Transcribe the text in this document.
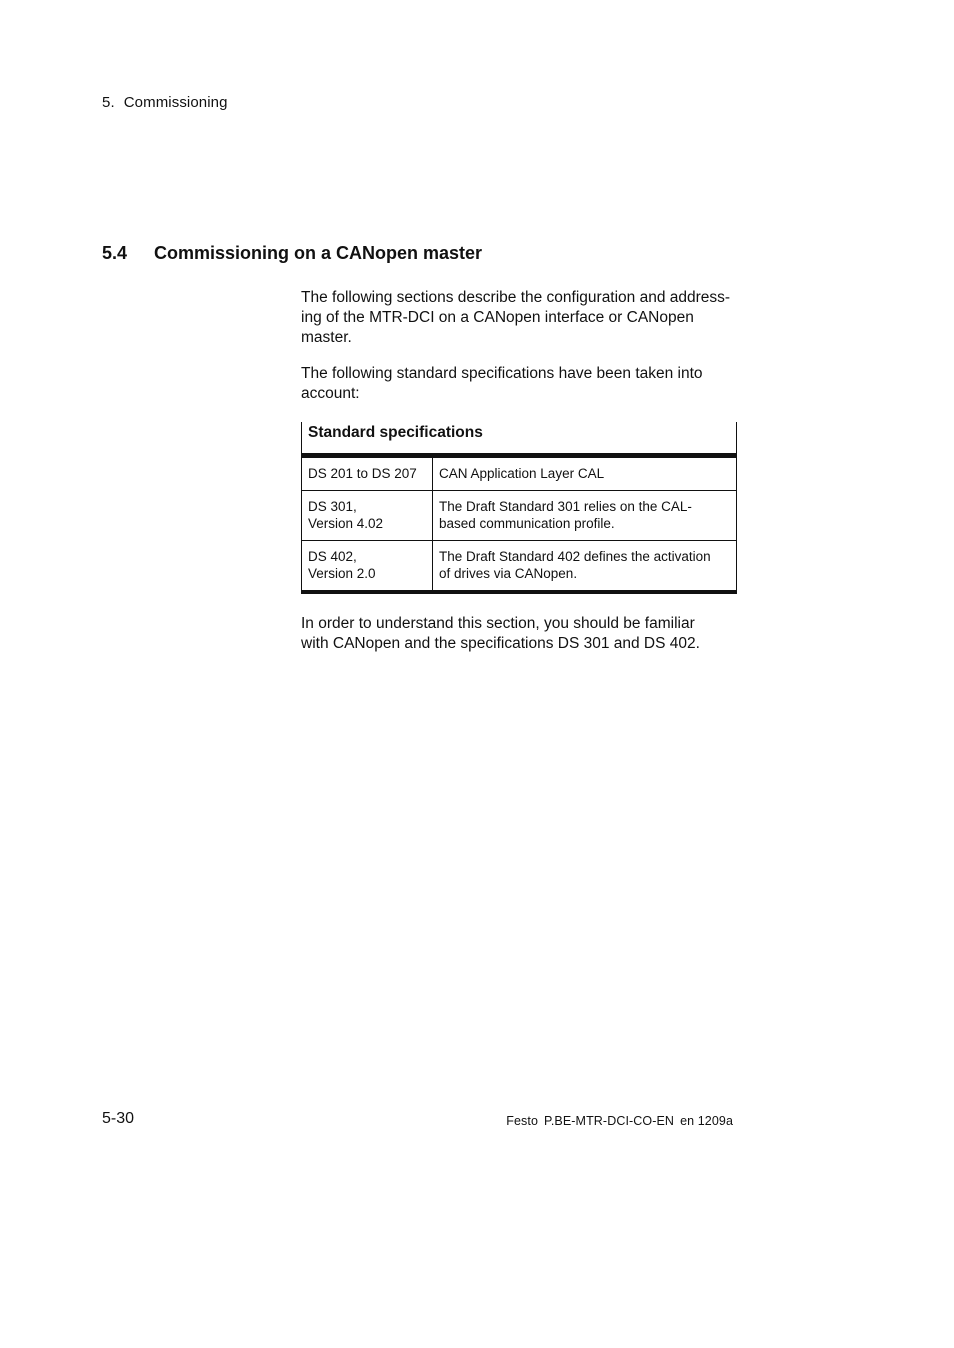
5. Commissioning
5.4 Commissioning on a CANopen master

The following sections describe the configuration and address-
ing of the MTR-DCI on a CANopen interface or CANopen master.

The following standard specifications have been taken into
account:

Standard specifications	
DS 201 to DS 207	CAN Application Layer CAL
DS 301,
Version 4.02	The Draft Standard 301 relies on the CAL-
based communication profile.
DS 402,
Version 2.0	The Draft Standard 402 defines the activation
of drives via CANopen.

In order to understand this section, you should be familiar
with CANopen and the specifications DS 301 and DS 402.

5-30	Festo P.BE-MTR-DCI-CO-EN en 1209a
